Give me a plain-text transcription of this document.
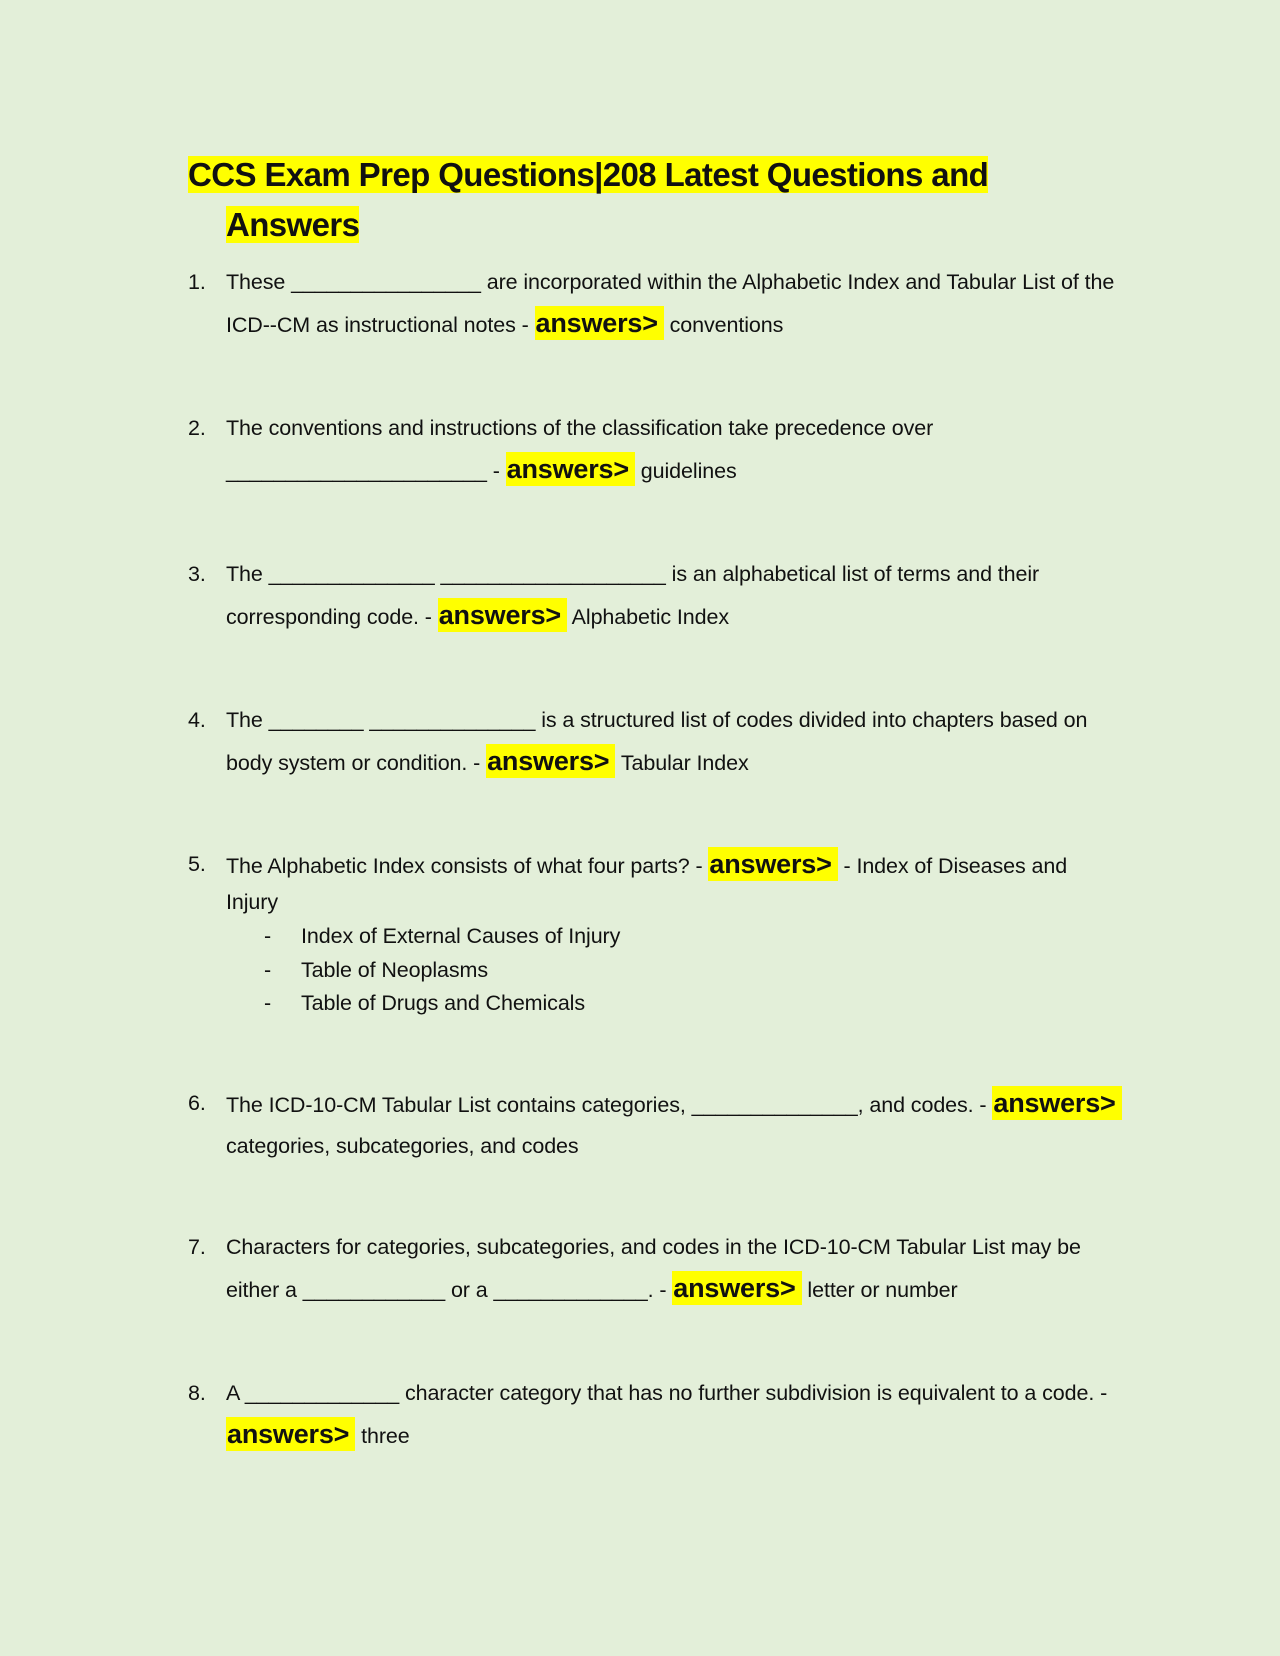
CCS Exam Prep Questions|208 Latest Questions and
Answers
1. These ________________ are incorporated within the Alphabetic Index and Tabular List of the ICD--CM as instructional notes - answers> conventions
2. The conventions and instructions of the classification take precedence over ______________________ - answers> guidelines
3. The ______________ ___________________ is an alphabetical list of terms and their corresponding code. - answers> Alphabetic Index
4. The ________ ______________ is a structured list of codes divided into chapters based on body system or condition. - answers> Tabular Index
5. The Alphabetic Index consists of what four parts? - answers> - Index of Diseases and Injury
- Index of External Causes of Injury
- Table of Neoplasms
- Table of Drugs and Chemicals
6. The ICD-10-CM Tabular List contains categories, ______________, and codes. - answers> categories, subcategories, and codes
7. Characters for categories, subcategories, and codes in the ICD-10-CM Tabular List may be either a ____________ or a _____________. - answers> letter or number
8. A _____________ character category that has no further subdivision is equivalent to a code. - answers> three
